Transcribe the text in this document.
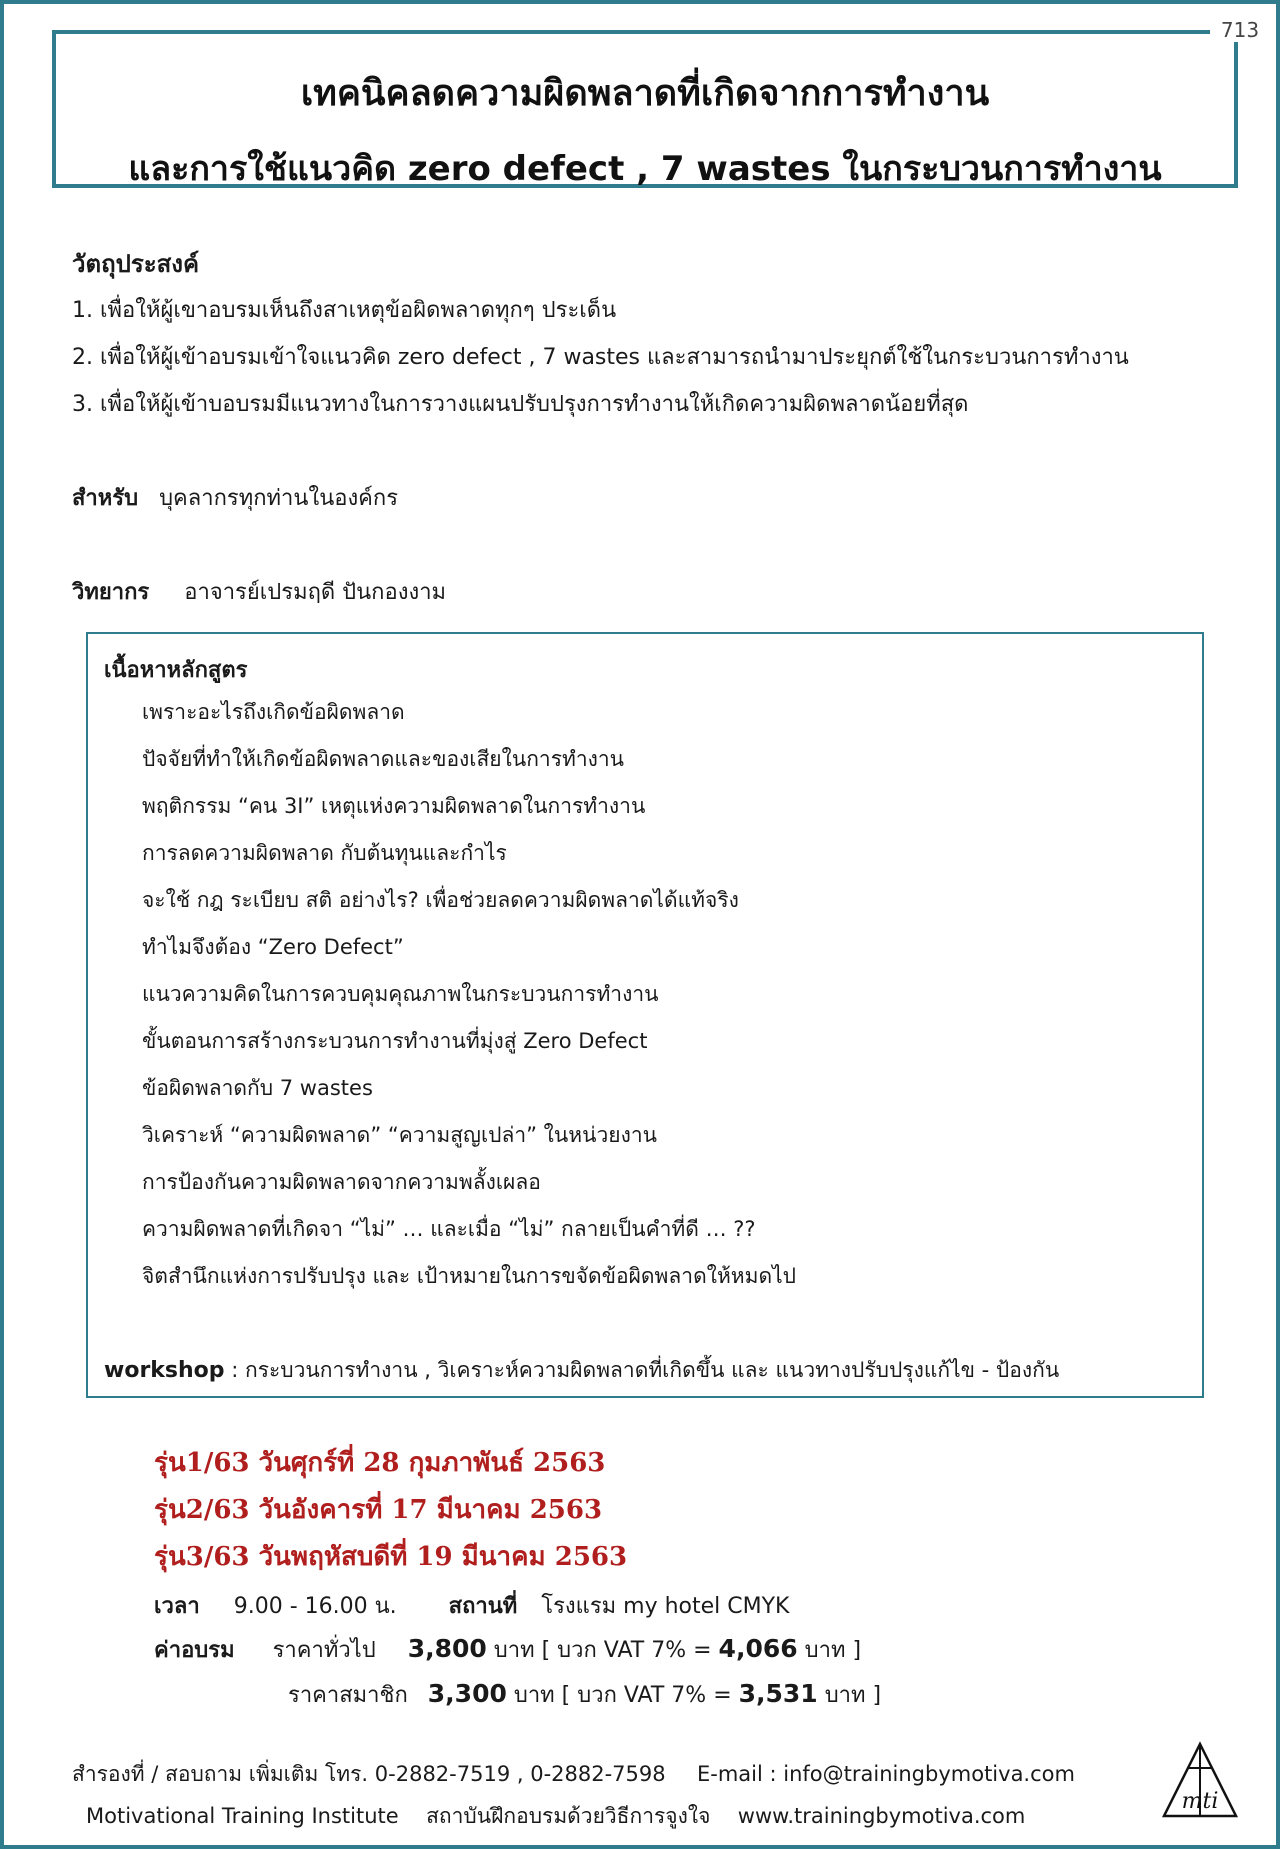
เทคนิคลดความผิดพลาดที่เกิดจากการทำงาน
และการใช้แนวคิด zero defect , 7 wastes ในกระบวนการทำงาน
713
วัตถุประสงค์
1. เพื่อให้ผู้เขาอบรมเห็นถึงสาเหตุข้อผิดพลาดทุกๆ ประเด็น
2. เพื่อให้ผู้เข้าอบรมเข้าใจแนวคิด zero defect , 7 wastes และสามารถนำมาประยุกต์ใช้ในกระบวนการทำงาน
3. เพื่อให้ผู้เข้าบอบรมมีแนวทางในการวางแผนปรับปรุงการทำงานให้เกิดความผิดพลาดน้อยที่สุด
สำหรับ บุคลากรทุกท่านในองค์กร
วิทยากร อาจารย์เปรมฤดี ปันกองงาม
เนื้อหาหลักสูตร
เพราะอะไรถึงเกิดข้อผิดพลาด
ปัจจัยที่ทำให้เกิดข้อผิดพลาดและของเสียในการทำงาน
พฤติกรรม “คน 3I” เหตุแห่งความผิดพลาดในการทำงาน
การลดความผิดพลาด กับต้นทุนและกำไร
จะใช้ กฎ ระเบียบ สติ อย่างไร? เพื่อช่วยลดความผิดพลาดได้แท้จริง
ทำไมจึงต้อง “Zero Defect”
แนวความคิดในการควบคุมคุณภาพในกระบวนการทำงาน
ขั้นตอนการสร้างกระบวนการทำงานที่มุ่งสู่ Zero Defect
ข้อผิดพลาดกับ 7 wastes
วิเคราะห์ “ความผิดพลาด” “ความสูญเปล่า” ในหน่วยงาน
การป้องกันความผิดพลาดจากความพลั้งเผลอ
ความผิดพลาดที่เกิดจา “ไม่” … และเมื่อ “ไม่” กลายเป็นคำที่ดี … ??
จิตสำนึกแห่งการปรับปรุง และ เป้าหมายในการขจัดข้อผิดพลาดให้หมดไป
workshop : กระบวนการทำงาน , วิเคราะห์ความผิดพลาดที่เกิดขึ้น และ แนวทางปรับปรุงแก้ไข - ป้องกัน
รุ่น1/63 วันศุกร์ที่ 28 กุมภาพันธ์ 2563
รุ่น2/63 วันอังคารที่ 17 มีนาคม 2563
รุ่น3/63 วันพฤหัสบดีที่ 19 มีนาคม 2563
เวลา 9.00 - 16.00 น. สถานที่ โรงแรม my hotel CMYK
ค่าอบรม ราคาทั่วไป 3,800 บาท [ บวก VAT 7% = 4,066 บาท ]
ราคาสมาชิก 3,300 บาท [ บวก VAT 7% = 3,531 บาท ]
สำรองที่ / สอบถาม เพิ่มเติม โทร. 0-2882-7519 , 0-2882-7598 E-mail : info@trainingbymotiva.com
Motivational Training Institute สถาบันฝึกอบรมด้วยวิธีการจูงใจ www.trainingbymotiva.com
mti
